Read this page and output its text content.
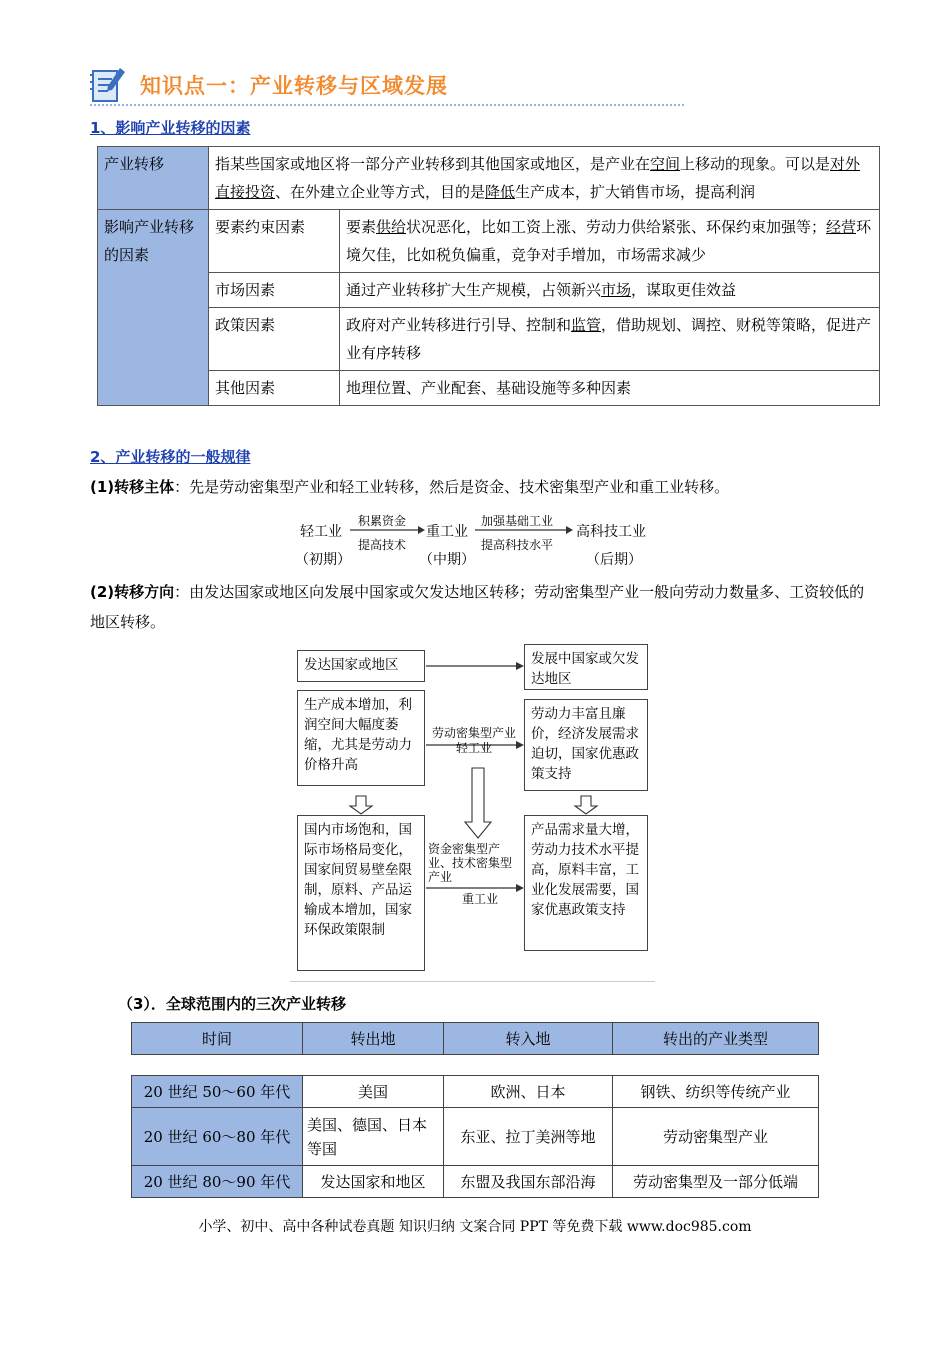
知识点一：产业转移与区域发展
1、影响产业转移的因素
产业转移	指某些国家或地区将一部分产业转移到其他国家或地区，是产业在空间上移动的现象。可以是对外直接投资、在外建立企业等方式，目的是降低生产成本，扩大销售市场，提高利润	
影响产业转移的因素	要素约束因素	要素供给状况恶化，比如工资上涨、劳动力供给紧张、环保约束加强等；经营环境欠佳，比如税负偏重，竞争对手增加，市场需求减少
	市场因素	通过产业转移扩大生产规模，占领新兴市场，谋取更佳效益
	政策因素	政府对产业转移进行引导、控制和监管，借助规划、调控、财税等策略，促进产业有序转移
	其他因素	地理位置、产业配套、基础设施等多种因素
2、产业转移的一般规律
(1)转移主体：先是劳动密集型产业和轻工业转移，然后是资金、技术密集型产业和重工业转移。
轻工业
（初期）
积累资金
提高技术
重工业
（中期）
加强基础工业
提高科技水平
高科技工业
（后期）
(2)转移方向：由发达国家或地区向发展中国家或欠发达地区转移；劳动密集型产业一般向劳动力数量多、工资较低的地区转移。
发达国家或地区	发展中国家或欠发达地区
生产成本增加，利润空间大幅度萎缩，尤其是劳动力价格升高
劳动力丰富且廉价，经济发展需求迫切，国家优惠政策支持
国内市场饱和，国际市场格局变化，国家间贸易壁垒限制，原料、产品运输成本增加，国家环保政策限制
产品需求量大增，劳动力技术水平提高，原料丰富，工业化发展需要，国家优惠政策支持
劳动密集型产业
轻工业
资金密集型产业、技术密集型产业
重工业
（3）．全球范围内的三次产业转移
时间	转出地	转入地	转出的产业类型
20 世纪 50～60 年代	美国	欧洲、日本	钢铁、纺织等传统产业
20 世纪 60～80 年代	美国、德国、日本等国	东亚、拉丁美洲等地	劳动密集型产业
20 世纪 80～90 年代	发达国家和地区	东盟及我国东部沿海	劳动密集型及一部分低端
小学、初中、高中各种试卷真题 知识归纳 文案合同 PPT 等免费下载 www.doc985.com
